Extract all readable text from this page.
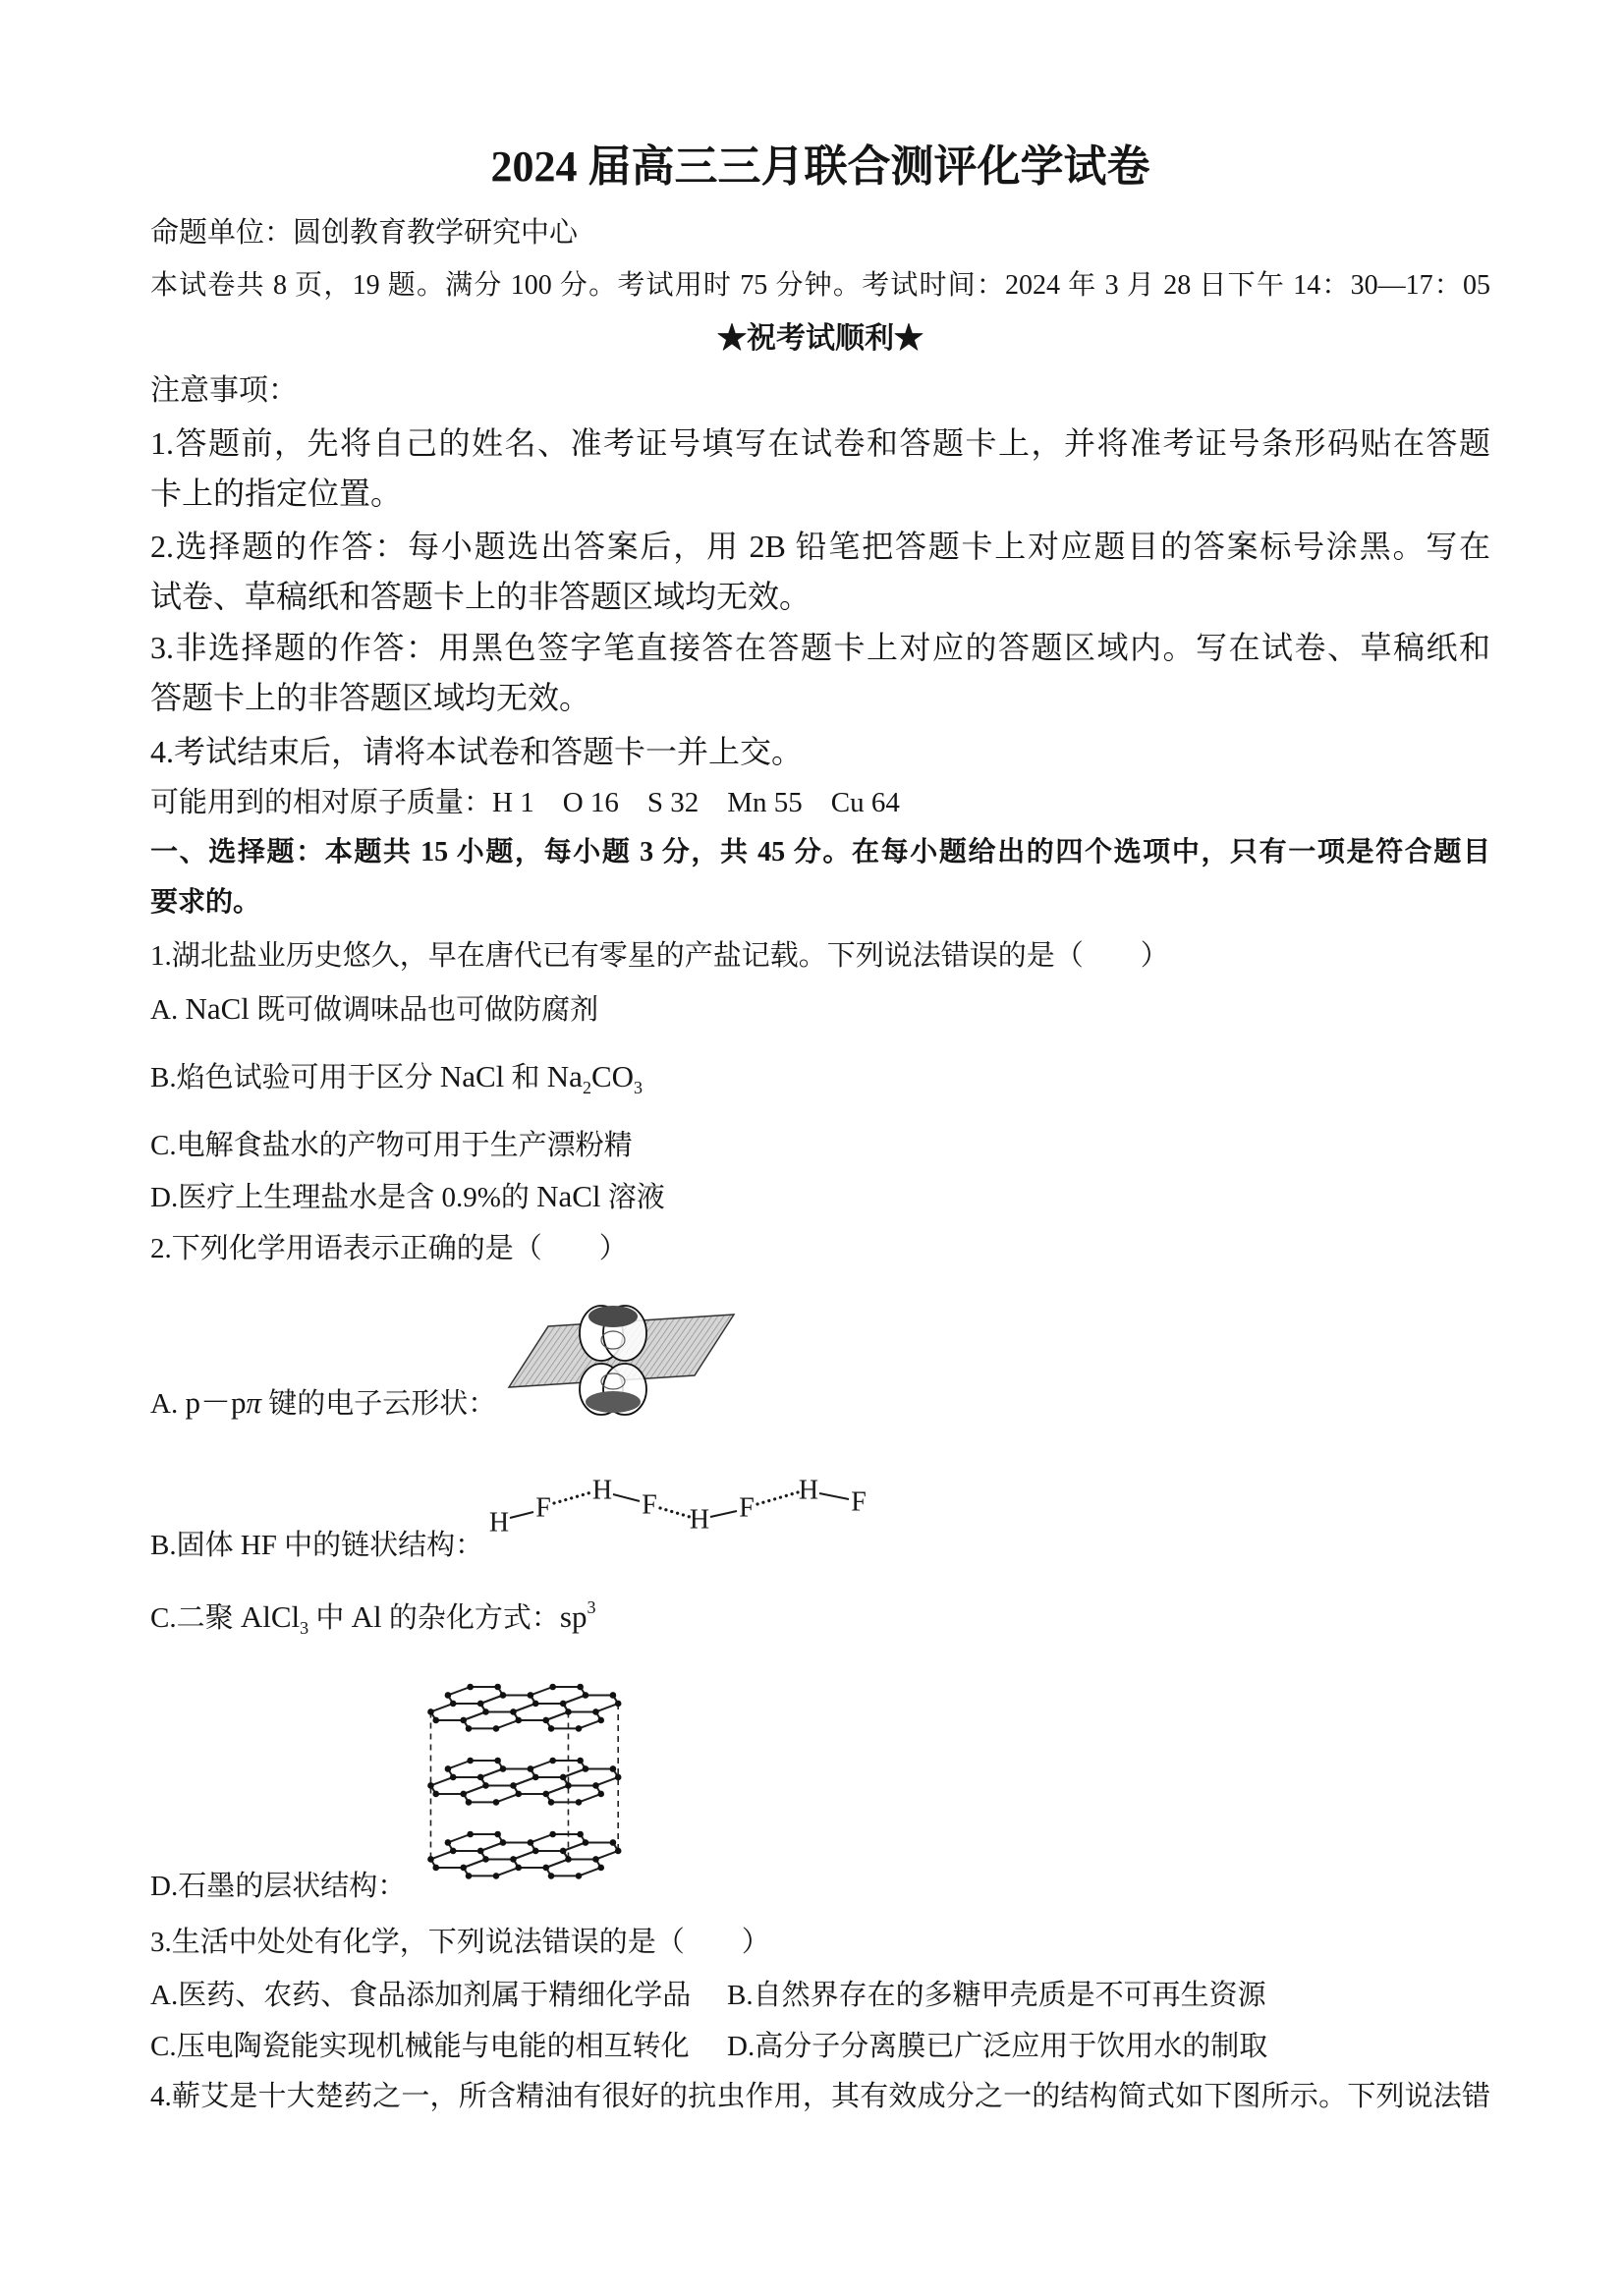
2024 届高三三月联合测评化学试卷
命题单位：圆创教育教学研究中心
本试卷共 8 页，19 题。满分 100 分。考试用时 75 分钟。考试时间：2024 年 3 月 28 日下午 14：30—17：05
★祝考试顺利★
注意事项：
1.答题前，先将自己的姓名、准考证号填写在试卷和答题卡上，并将准考证号条形码贴在答题
卡上的指定位置。
2.选择题的作答：每小题选出答案后，用 2B 铅笔把答题卡上对应题目的答案标号涂黑。写在
试卷、草稿纸和答题卡上的非答题区域均无效。
3.非选择题的作答：用黑色签字笔直接答在答题卡上对应的答题区域内。写在试卷、草稿纸和
答题卡上的非答题区域均无效。
4.考试结束后，请将本试卷和答题卡一并上交。
可能用到的相对原子质量：H 1　O 16　S 32　Mn 55　Cu 64
一、选择题：本题共 15 小题，每小题 3 分，共 45 分。在每小题给出的四个选项中，只有一项是符合题目
要求的。
1.湖北盐业历史悠久，早在唐代已有零星的产盐记载。下列说法错误的是（　　）
A. NaCl 既可做调味品也可做防腐剂
B.焰色试验可用于区分 NaCl 和 $Na_2CO_3$
C.电解食盐水的产物可用于生产漂粉精
D.医疗上生理盐水是含 0.9%的 NaCl 溶液
2.下列化学用语表示正确的是（　　）
A. p－pπ 键的电子云形状：
H F
H F H F
H F
B.固体 HF 中的链状结构：
C.二聚 AlCl$_3$ 中 Al 的杂化方式：$sp^3$
D.石墨的层状结构：
3.生活中处处有化学，下列说法错误的是（　　）
A.医药、农药、食品添加剂属于精细化学品 B.自然界存在的多糖甲壳质是不可再生资源
C.压电陶瓷能实现机械能与电能的相互转化 D.高分子分离膜已广泛应用于饮用水的制取
4.蕲艾是十大楚药之一，所含精油有很好的抗虫作用，其有效成分之一的结构简式如下图所示。下列说法错
